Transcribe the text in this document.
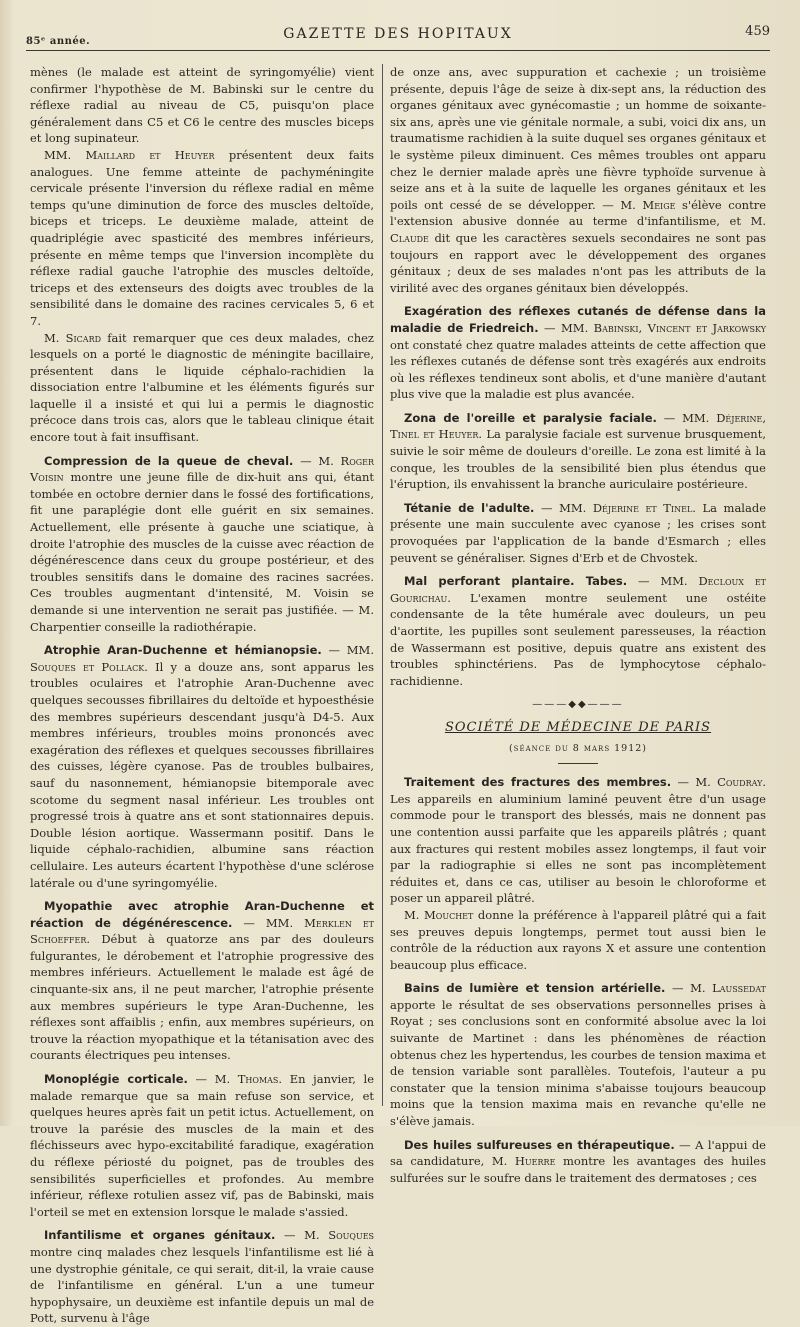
85ᵉ année.	GAZETTE DES HOPITAUX	459

mènes (le malade est atteint de syringomyélie) vient confirmer l'hypothèse de M. Babinski sur le centre du réflexe radial au niveau de C5, puisqu'on place généralement dans C5 et C6 le centre des muscles biceps et long supinateur.

MM. Maillard et Heuyer présentent deux faits analogues. Une femme atteinte de pachyméningite cervicale présente l'inversion du réflexe radial en même temps qu'une diminution de force des muscles deltoïde, biceps et triceps. Le deuxième malade, atteint de quadriplégie avec spasticité des membres inférieurs, présente en même temps que l'inversion incomplète du réflexe radial gauche l'atrophie des muscles deltoïde, triceps et des extenseurs des doigts avec troubles de la sensibilité dans le domaine des racines cervicales 5, 6 et 7.

M. Sicard fait remarquer que ces deux malades, chez lesquels on a porté le diagnostic de méningite bacillaire, présentent dans le liquide céphalo-rachidien la dissociation entre l'albumine et les éléments figurés sur laquelle il a insisté et qui lui a permis le diagnostic précoce dans trois cas, alors que le tableau clinique était encore tout à fait insuffisant.

Compression de la queue de cheval. — M. Roger Voisin montre une jeune fille de dix-huit ans qui, étant tombée en octobre dernier dans le fossé des fortifications, fit une paraplégie dont elle guérit en six semaines. Actuellement, elle présente à gauche une sciatique, à droite l'atrophie des muscles de la cuisse avec réaction de dégénérescence dans ceux du groupe postérieur, et des troubles sensitifs dans le domaine des racines sacrées. Ces troubles augmentant d'intensité, M. Voisin se demande si une intervention ne serait pas justifiée. — M. Charpentier conseille la radiothérapie.

Atrophie Aran-Duchenne et hémianopsie. — MM. Souques et Pollack. Il y a douze ans, sont apparus les troubles oculaires et l'atrophie Aran-Duchenne avec quelques secousses fibrillaires du deltoïde et hypoesthésie des membres supérieurs descendant jusqu'à D4-5. Aux membres inférieurs, troubles moins prononcés avec exagération des réflexes et quelques secousses fibrillaires des cuisses, légère cyanose. Pas de troubles bulbaires, sauf du nasonnement, hémianopsie bitemporale avec scotome du segment nasal inférieur. Les troubles ont progressé trois à quatre ans et sont stationnaires depuis. Double lésion aortique. Wassermann positif. Dans le liquide céphalo-rachidien, albumine sans réaction cellulaire. Les auteurs écartent l'hypothèse d'une sclérose latérale ou d'une syringomyélie.

Myopathie avec atrophie Aran-Duchenne et réaction de dégénérescence. — MM. Merklen et Schoeffer. Début à quatorze ans par des douleurs fulgurantes, le dérobement et l'atrophie progressive des membres inférieurs. Actuellement le malade est âgé de cinquante-six ans, il ne peut marcher, l'atrophie présente aux membres supérieurs le type Aran-Duchenne, les réflexes sont affaiblis ; enfin, aux membres supérieurs, on trouve la réaction myopathique et la tétanisation avec des courants électriques peu intenses.

Monoplégie corticale. — M. Thomas. En janvier, le malade remarque que sa main refuse son service, et quelques heures après fait un petit ictus. Actuellement, on trouve la parésie des muscles de la main et des fléchisseurs avec hypo-excitabilité faradique, exagération du réflexe périosté du poignet, pas de troubles des sensibilités superficielles et profondes. Au membre inférieur, réflexe rotulien assez vif, pas de Babinski, mais l'orteil se met en extension lorsque le malade s'assied.

Infantilisme et organes génitaux. — M. Souques montre cinq malades chez lesquels l'infantilisme est lié à une dystrophie génitale, ce qui serait, dit-il, la vraie cause de l'infantilisme en général. L'un a une tumeur hypophysaire, un deuxième est infantile depuis un mal de Pott, survenu à l'âge

de onze ans, avec suppuration et cachexie ; un troisième présente, depuis l'âge de seize à dix-sept ans, la réduction des organes génitaux avec gynécomastie ; un homme de soixante-six ans, après une vie génitale normale, a subi, voici dix ans, un traumatisme rachidien à la suite duquel ses organes génitaux et le système pileux diminuent. Ces mêmes troubles ont apparu chez le dernier malade après une fièvre typhoïde survenue à seize ans et à la suite de laquelle les organes génitaux et les poils ont cessé de se développer. — M. Meige s'élève contre l'extension abusive donnée au terme d'infantilisme, et M. Claude dit que les caractères sexuels secondaires ne sont pas toujours en rapport avec le développement des organes génitaux ; deux de ses malades n'ont pas les attributs de la virilité avec des organes génitaux bien développés.

Exagération des réflexes cutanés de défense dans la maladie de Friedreich. — MM. Babinski, Vincent et Jarkowsky ont constaté chez quatre malades atteints de cette affection que les réflexes cutanés de défense sont très exagérés aux endroits où les réflexes tendineux sont abolis, et d'une manière d'autant plus vive que la maladie est plus avancée.

Zona de l'oreille et paralysie faciale. — MM. Déjerine, Tinel et Heuyer. La paralysie faciale est survenue brusquement, suivie le soir même de douleurs d'oreille. Le zona est limité à la conque, les troubles de la sensibilité bien plus étendus que l'éruption, ils envahissent la branche auriculaire postérieure.

Tétanie de l'adulte. — MM. Déjerine et Tinel. La malade présente une main succulente avec cyanose ; les crises sont provoquées par l'application de la bande d'Esmarch ; elles peuvent se généraliser. Signes d'Erb et de Chvostek.

Mal perforant plantaire. Tabes. — MM. Decloux et Gourichau. L'examen montre seulement une ostéite condensante de la tête humérale avec douleurs, un peu d'aortite, les pupilles sont seulement paresseuses, la réaction de Wassermann est positive, depuis quatre ans existent des troubles sphinctériens. Pas de lymphocytose céphalo-rachidienne.

———◆◆———
SOCIÉTÉ DE MÉDECINE DE PARIS
(séance du 8 mars 1912)

Traitement des fractures des membres. — M. Coudray. Les appareils en aluminium laminé peuvent être d'un usage commode pour le transport des blessés, mais ne donnent pas une contention aussi parfaite que les appareils plâtrés ; quant aux fractures qui restent mobiles assez longtemps, il faut voir par la radiographie si elles ne sont pas incomplètement réduites et, dans ce cas, utiliser au besoin le chloroforme et poser un appareil plâtré.

M. Mouchet donne la préférence à l'appareil plâtré qui a fait ses preuves depuis longtemps, permet tout aussi bien le contrôle de la réduction aux rayons X et assure une contention beaucoup plus efficace.

Bains de lumière et tension artérielle. — M. Laussedat apporte le résultat de ses observations personnelles prises à Royat ; ses conclusions sont en conformité absolue avec la loi suivante de Martinet : dans les phénomènes de réaction obtenus chez les hypertendus, les courbes de tension maxima et de tension variable sont parallèles. Toutefois, l'auteur a pu constater que la tension minima s'abaisse toujours beaucoup moins que la tension maxima mais en revanche qu'elle ne s'élève jamais.

Des huiles sulfureuses en thérapeutique. — A l'appui de sa candidature, M. Huerre montre les avantages des huiles sulfurées sur le soufre dans le traitement des dermatoses ; ces
